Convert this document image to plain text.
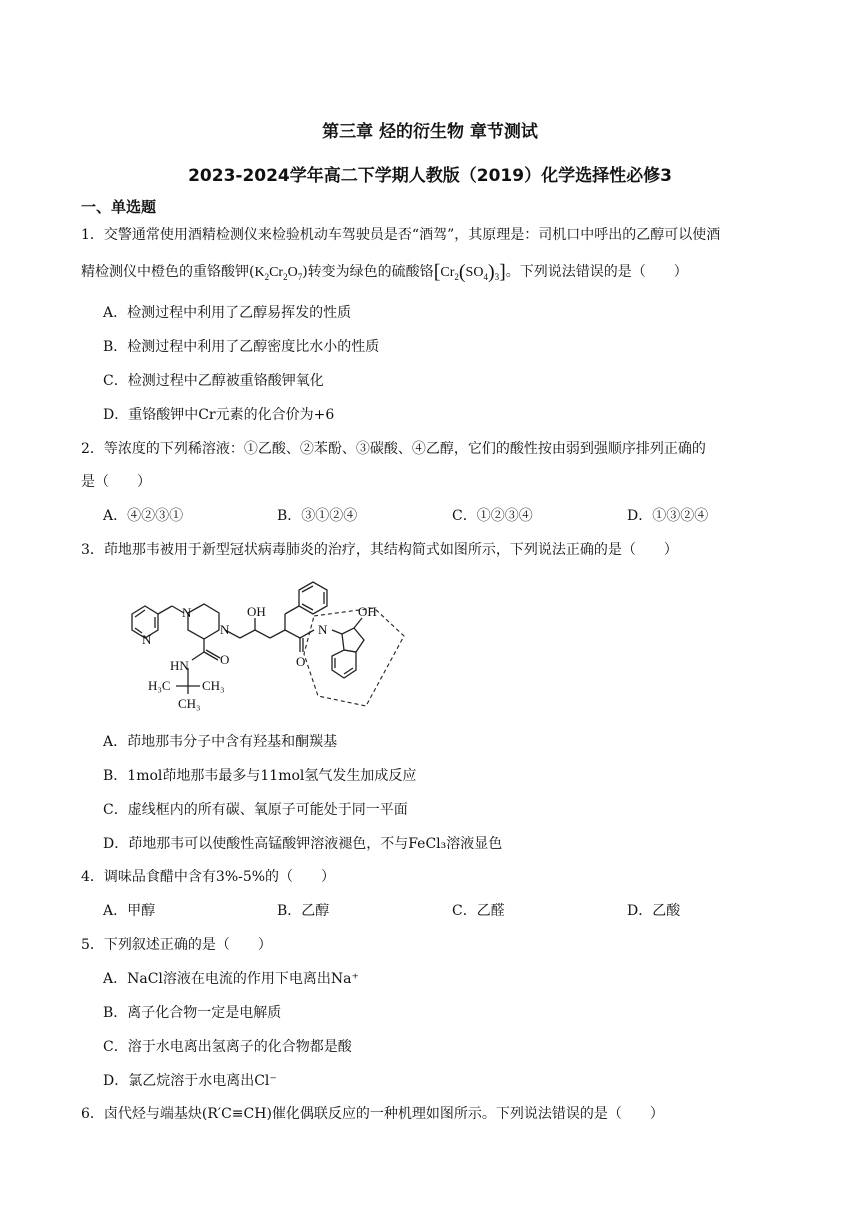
第三章 烃的衍生物 章节测试
2023-2024学年高二下学期人教版（2019）化学选择性必修3
一、单选题
1．交警通常使用酒精检测仪来检验机动车驾驶员是否“酒驾”，其原理是：司机口中呼出的乙醇可以使酒
精检测仪中橙色的重铬酸钾$(K_2Cr_2O_7)$转变为绿色的硫酸铬$[Cr_2(SO_4)_3]$。下列说法错误的是（　　）
A．检测过程中利用了乙醇易挥发的性质
B．检测过程中利用了乙醇密度比水小的性质
C．检测过程中乙醇被重铬酸钾氧化
D．重铬酸钾中Cr元素的化合价为+6
2．等浓度的下列稀溶液：①乙酸、②苯酚、③碳酸、④乙醇，它们的酸性按由弱到强顺序排列正确的
是（　　）
A．④②③①	B．③①②④	C．①②③④	D．①③②④
3．茚地那韦被用于新型冠状病毒肺炎的治疗，其结构简式如图所示，下列说法正确的是（　　）
N
N
N
OH	OH
N
HN O	O
H₃C CH₃
CH₃
A．茚地那韦分子中含有羟基和酮羰基
B．1mol茚地那韦最多与11mol氢气发生加成反应
C．虚线框内的所有碳、氧原子可能处于同一平面
D．茚地那韦可以使酸性高锰酸钾溶液褪色，不与FeCl₃溶液显色
4．调味品食醋中含有3%-5%的（　　）
A．甲醇	B．乙醇	C．乙醛	D．乙酸
5．下列叙述正确的是（　　）
A．NaCl溶液在电流的作用下电离出Na⁺
B．离子化合物一定是电解质
C．溶于水电离出氢离子的化合物都是酸
D．氯乙烷溶于水电离出Cl⁻
6．卤代烃与端基炔(R′C≡CH)催化偶联反应的一种机理如图所示。下列说法错误的是（　　）
